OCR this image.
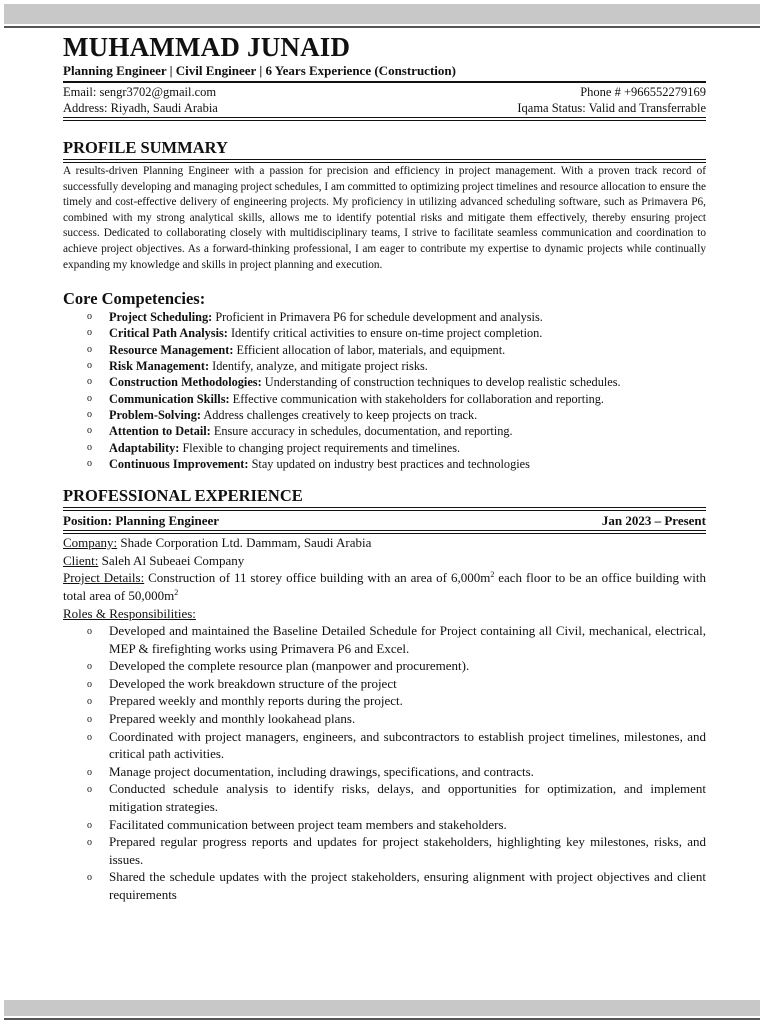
MUHAMMAD JUNAID
Planning Engineer | Civil Engineer | 6 Years Experience (Construction)
Email: sengr3702@gmail.com	Phone # +966552279169
Address: Riyadh, Saudi Arabia	Iqama Status: Valid and Transferrable
PROFILE SUMMARY
A results-driven Planning Engineer with a passion for precision and efficiency in project management. With a proven track record of successfully developing and managing project schedules, I am committed to optimizing project timelines and resource allocation to ensure the timely and cost-effective delivery of engineering projects. My proficiency in utilizing advanced scheduling software, such as Primavera P6, combined with my strong analytical skills, allows me to identify potential risks and mitigate them effectively, thereby ensuring project success. Dedicated to collaborating closely with multidisciplinary teams, I strive to facilitate seamless communication and coordination to achieve project objectives. As a forward-thinking professional, I am eager to contribute my expertise to dynamic projects while continually expanding my knowledge and skills in project planning and execution.
Core Competencies:
o Project Scheduling: Proficient in Primavera P6 for schedule development and analysis.
o Critical Path Analysis: Identify critical activities to ensure on-time project completion.
o Resource Management: Efficient allocation of labor, materials, and equipment.
o Risk Management: Identify, analyze, and mitigate project risks.
o Construction Methodologies: Understanding of construction techniques to develop realistic schedules.
o Communication Skills: Effective communication with stakeholders for collaboration and reporting.
o Problem-Solving: Address challenges creatively to keep projects on track.
o Attention to Detail: Ensure accuracy in schedules, documentation, and reporting.
o Adaptability: Flexible to changing project requirements and timelines.
o Continuous Improvement: Stay updated on industry best practices and technologies
PROFESSIONAL EXPERIENCE
Position: Planning Engineer	Jan 2023 – Present
Company: Shade Corporation Ltd. Dammam, Saudi Arabia
Client: Saleh Al Subeaei Company
Project Details: Construction of 11 storey office building with an area of $6,000m^2$ each floor to be an office building with total area of $50,000m^2$
Roles & Responsibilities:
o Developed and maintained the Baseline Detailed Schedule for Project containing all Civil, mechanical, electrical, MEP & firefighting works using Primavera P6 and Excel.
o Developed the complete resource plan (manpower and procurement).
o Developed the work breakdown structure of the project
o Prepared weekly and monthly reports during the project.
o Prepared weekly and monthly lookahead plans.
o Coordinated with project managers, engineers, and subcontractors to establish project timelines, milestones, and critical path activities.
o Manage project documentation, including drawings, specifications, and contracts.
o Conducted schedule analysis to identify risks, delays, and opportunities for optimization, and implement mitigation strategies.
o Facilitated communication between project team members and stakeholders.
o Prepared regular progress reports and updates for project stakeholders, highlighting key milestones, risks, and issues.
o Shared the schedule updates with the project stakeholders, ensuring alignment with project objectives and client requirements
